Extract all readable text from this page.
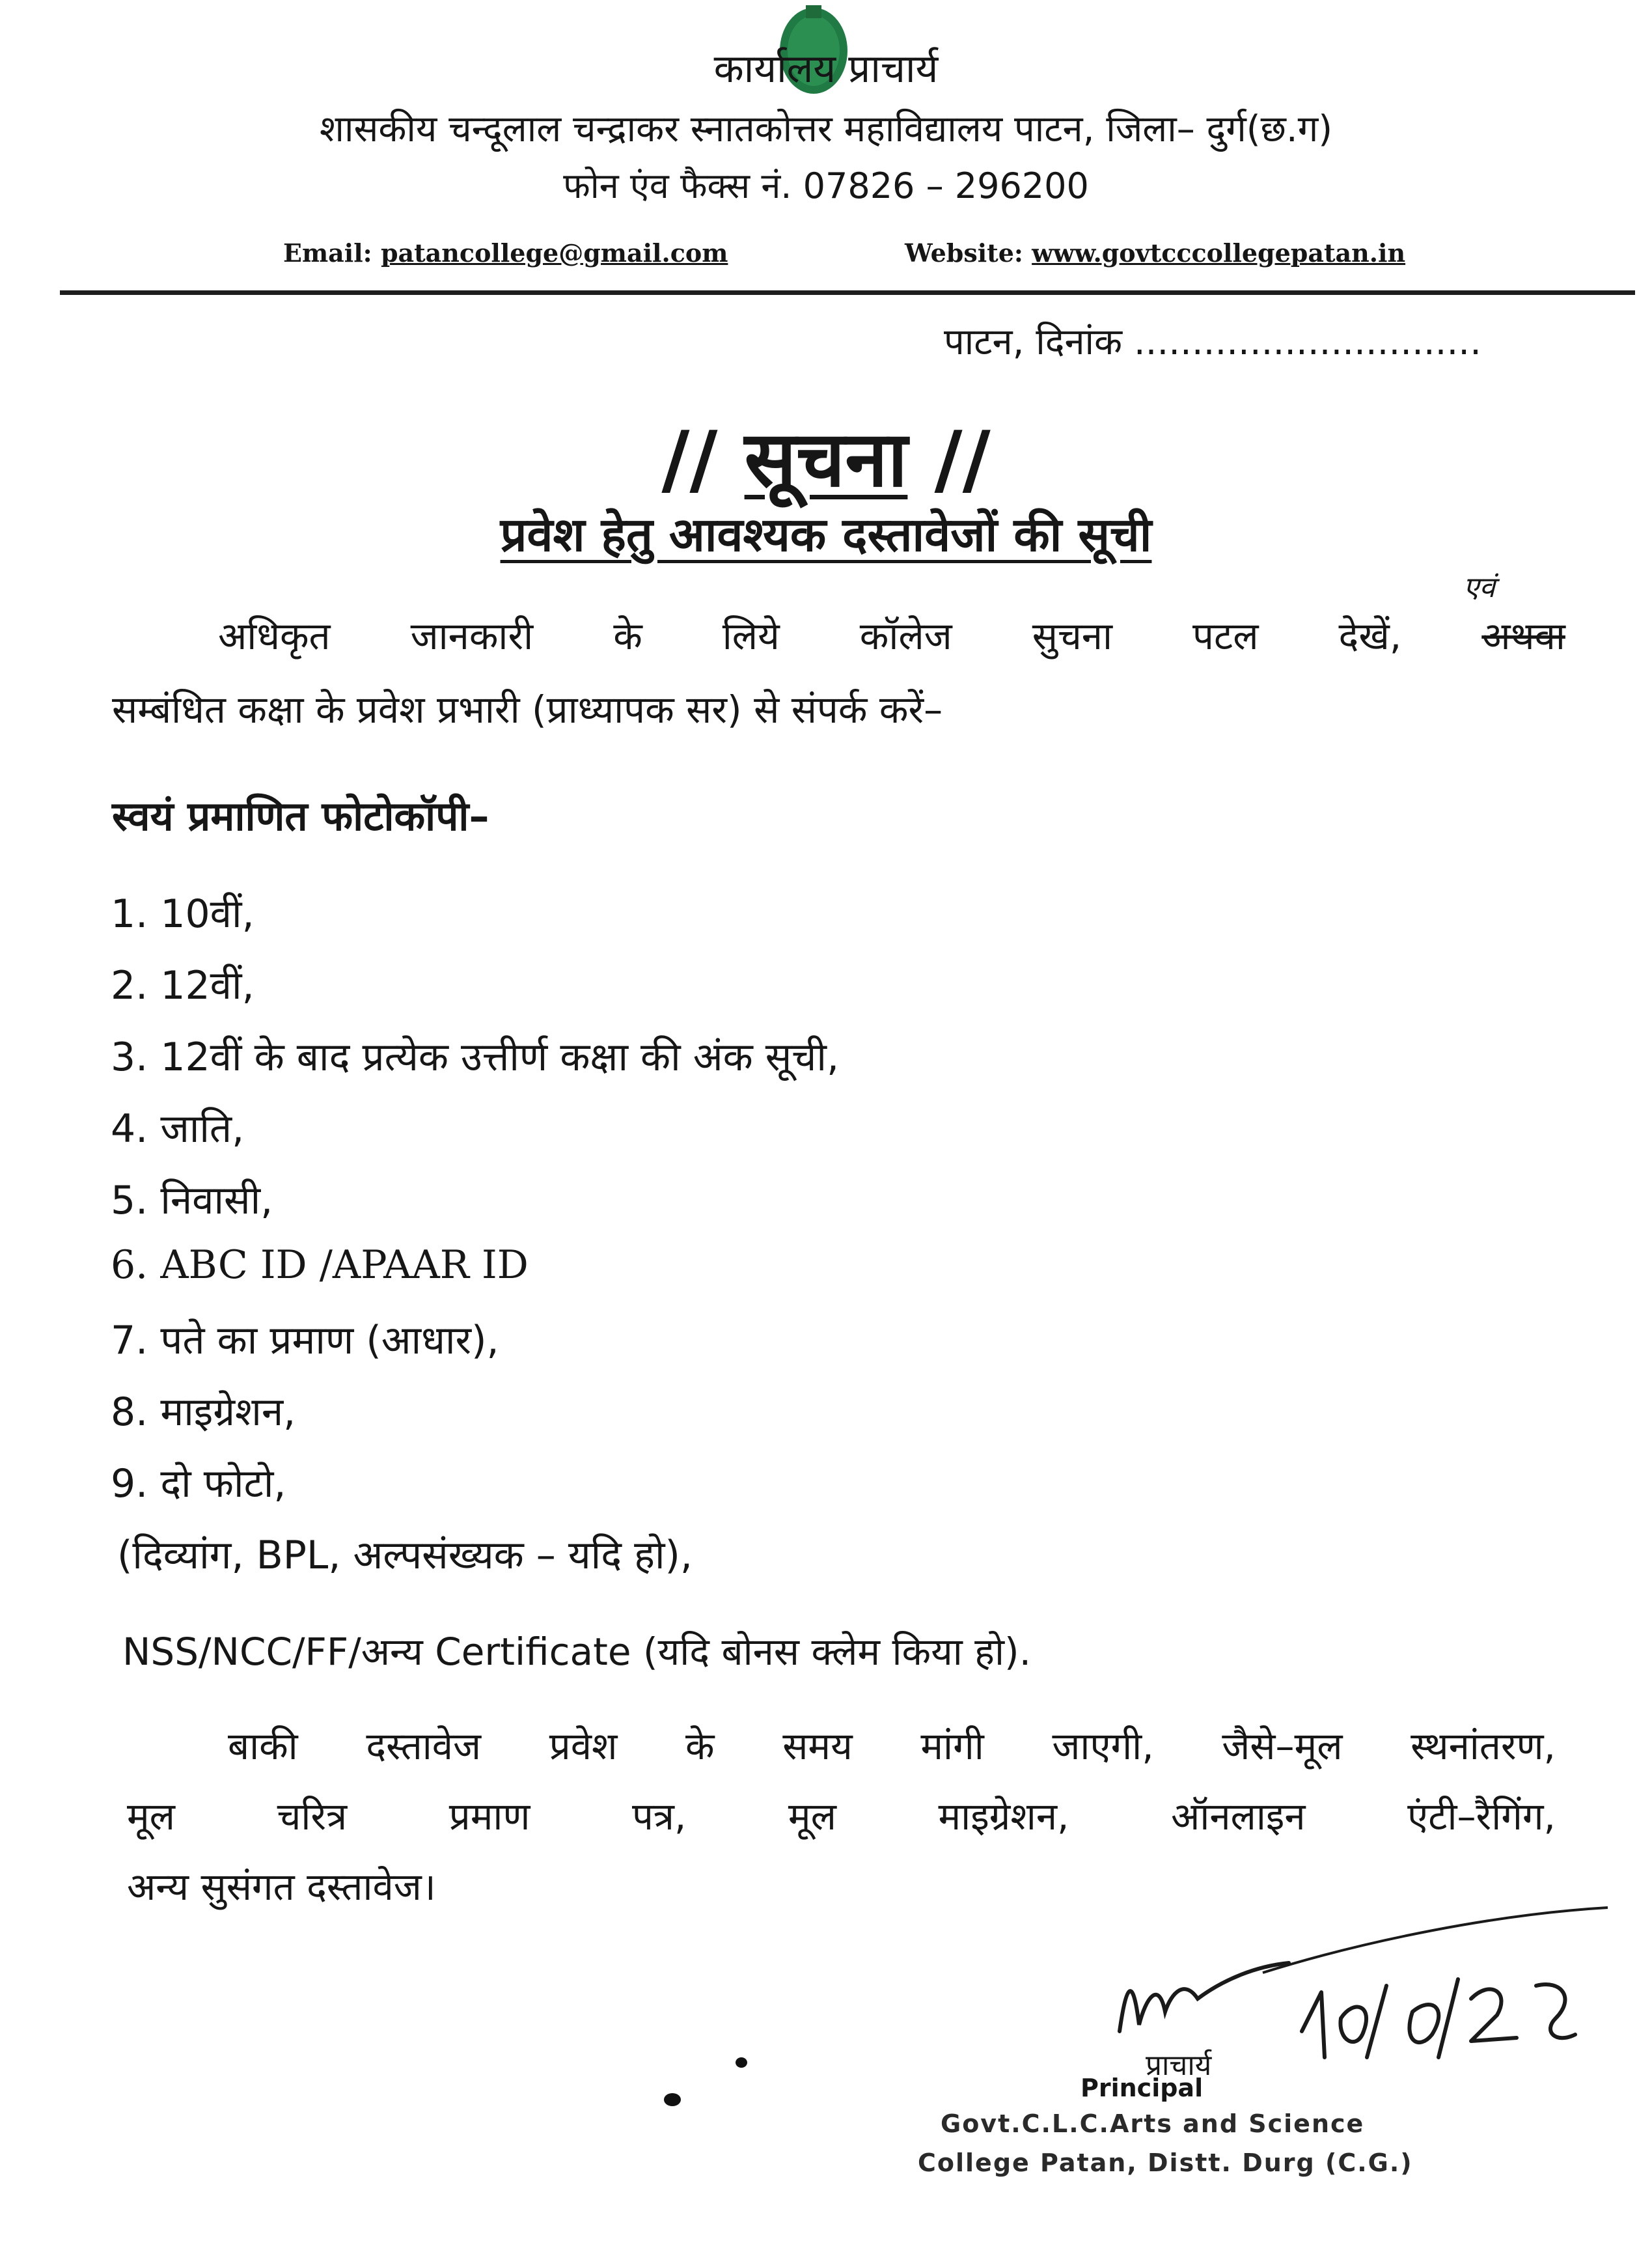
कार्यालय प्राचार्य
शासकीय चन्दूलाल चन्द्राकर स्नातकोत्तर महाविद्यालय पाटन, जिला– दुर्ग(छ.ग)
फोन एंव फैक्स नं. 07826 – 296200
Email: patancollege@gmail.com	Website: www.govtcccollegepatan.in
पाटन, दिनांक ..............................
// सूचना //
प्रवेश हेतु आवश्यक दस्तावेजों की सूची
अधिकृत जानकारी के लिये कॉलेज सुचना पटल देखें, अथवा
एवं
सम्बंधित कक्षा के प्रवेश प्रभारी (प्राध्यापक सर) से संपर्क करें–
स्वयं प्रमाणित फोटोकॉपी–
1. 10वीं,
2. 12वीं,
3. 12वीं के बाद प्रत्येक उत्तीर्ण कक्षा की अंक सूची,
4. जाति,
5. निवासी,
6. ABC ID /APAAR ID
7. पते का प्रमाण (आधार),
8. माइग्रेशन,
9. दो फोटो,
(दिव्यांग, BPL, अल्पसंख्यक – यदि हो),
NSS/NCC/FF/अन्य Certificate (यदि बोनस क्लेम किया हो).
बाकी दस्तावेज प्रवेश के समय मांगी जाएगी, जैसे–मूल स्थनांतरण,
मूल	चरित्र	प्रमाण	पत्र,	मूल	माइग्रेशन,	ऑनलाइन	एंटी–रैगिंग,
अन्य सुसंगत दस्तावेज।
प्राचार्य
Principal
Govt.C.L.C.Arts and Science
College Patan, Distt. Durg (C.G.)
